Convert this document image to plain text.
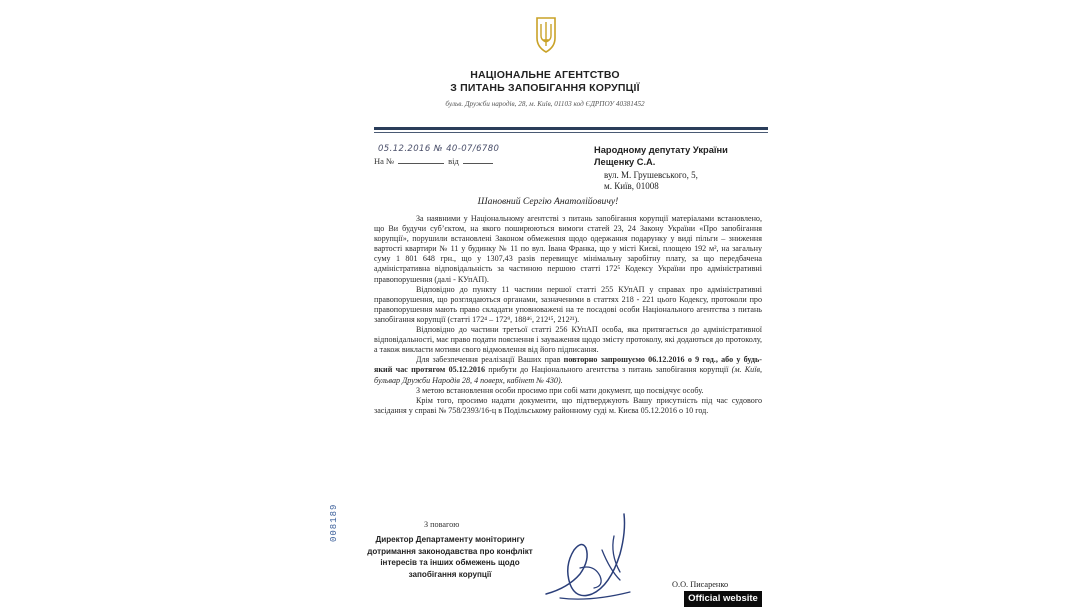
НАЦІОНАЛЬНЕ АГЕНТСТВО
З ПИТАНЬ ЗАПОБІГАННЯ КОРУПЦІЇ
бульв. Дружби народів, 28, м. Київ, 01103 код ЄДРПОУ 40381452
05.12.2016 № 40-07/6780
На №	від
Народному депутату України
Лещенку С.А.
вул. М. Грушевського, 5,
м. Київ, 01008
Шановний Сергію Анатолійовичу!

За наявними у Національному агентстві з питань запобігання корупції матеріалами встановлено, що Ви будучи суб’єктом, на якого поширюються вимоги статей 23, 24 Закону України «Про запобігання корупції», порушили встановлені Законом обмеження щодо одержання подарунку у виді пільги – зниження вартості квартири № 11 у будинку № 11 по вул. Івана Франка, що у місті Києві, площею 192 м², на загальну суму 1 801 648 грн., що у 1307,43 разів перевищує мінімальну заробітну плату, за що передбачена адміністративна відповідальність за частиною першою статті 172⁵ Кодексу України про адміністративні правопорушення (далі - КУпАП).

Відповідно до пункту 11 частини першої статті 255 КУпАП у справах про адміністративні правопорушення, що розглядаються органами, зазначеними в статтях 218 - 221 цього Кодексу, протоколи про правопорушення мають право складати уповноважені на те посадові особи Національного агентства з питань запобігання корупції (статті 172⁴ – 172⁹, 188⁴⁶, 212¹⁵, 212²¹).

Відповідно до частини третьої статті 256 КУпАП особа, яка притягається до адміністративної відповідальності, має право подати пояснення і зауваження щодо змісту протоколу, які додаються до протоколу, а також викласти мотиви свого відмовлення від його підписання.

Для забезпечення реалізації Ваших прав повторно запрошуємо 06.12.2016 о 9 год., або у будь-який час протягом 05.12.2016 прибути до Національного агентства з питань запобігання корупції (м. Київ, бульвар Дружби Народів 28, 4 поверх, кабінет № 430).

З метою встановлення особи просимо при собі мати документ, що посвідчує особу.

Крім того, просимо надати документи, що підтверджують Вашу присутність під час судового засідання у справі № 758/2393/16-ц в Подільському районному суді м. Києва 05.12.2016 о 10 год.

З повагою
Директор Департаменту моніторингу дотримання законодавства про конфлікт інтересів та інших обмежень щодо запобігання корупції
О.О. Писаренко
008189
Official website
